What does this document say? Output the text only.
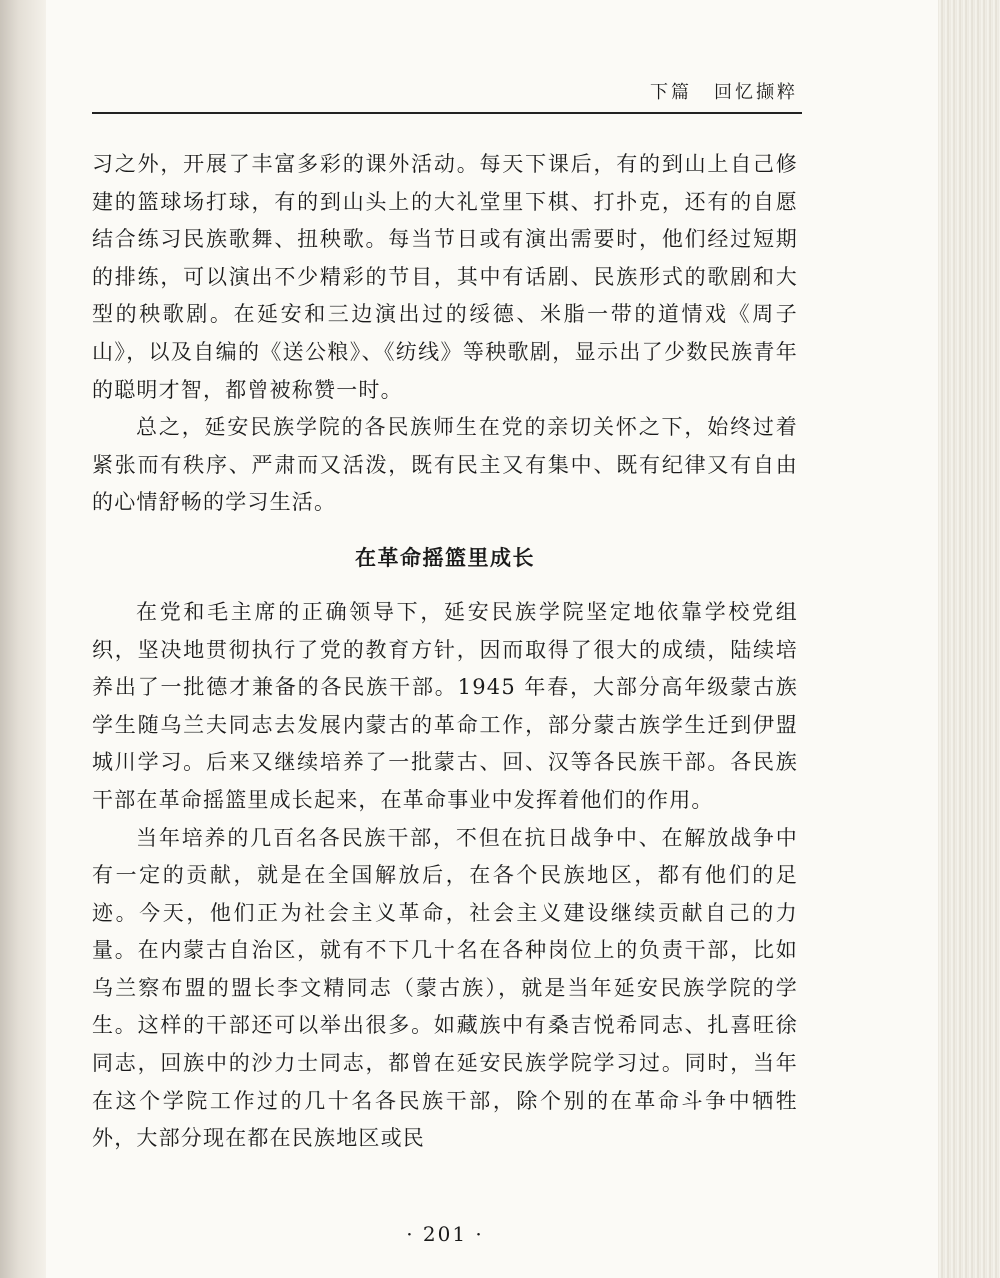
下篇 回忆撷粹

习之外，开展了丰富多彩的课外活动。每天下课后，有的到山上自己修建的篮球场打球，有的到山头上的大礼堂里下棋、打扑克，还有的自愿结合练习民族歌舞、扭秧歌。每当节日或有演出需要时，他们经过短期的排练，可以演出不少精彩的节目，其中有话剧、民族形式的歌剧和大型的秧歌剧。在延安和三边演出过的绥德、米脂一带的道情戏《周子山》，以及自编的《送公粮》、《纺线》等秧歌剧，显示出了少数民族青年的聪明才智，都曾被称赞一时。

总之，延安民族学院的各民族师生在党的亲切关怀之下，始终过着紧张而有秩序、严肃而又活泼，既有民主又有集中、既有纪律又有自由的心情舒畅的学习生活。

在革命摇篮里成长

在党和毛主席的正确领导下，延安民族学院坚定地依靠学校党组织，坚决地贯彻执行了党的教育方针，因而取得了很大的成绩，陆续培养出了一批德才兼备的各民族干部。1945 年春，大部分高年级蒙古族学生随乌兰夫同志去发展内蒙古的革命工作，部分蒙古族学生迁到伊盟城川学习。后来又继续培养了一批蒙古、回、汉等各民族干部。各民族干部在革命摇篮里成长起来，在革命事业中发挥着他们的作用。

当年培养的几百名各民族干部，不但在抗日战争中、在解放战争中有一定的贡献，就是在全国解放后，在各个民族地区，都有他们的足迹。今天，他们正为社会主义革命，社会主义建设继续贡献自己的力量。在内蒙古自治区，就有不下几十名在各种岗位上的负责干部，比如乌兰察布盟的盟长李文精同志（蒙古族），就是当年延安民族学院的学生。这样的干部还可以举出很多。如藏族中有桑吉悦希同志、扎喜旺徐同志，回族中的沙力士同志，都曾在延安民族学院学习过。同时，当年在这个学院工作过的几十名各民族干部，除个别的在革命斗争中牺牲外，大部分现在都在民族地区或民

· 201 ·
